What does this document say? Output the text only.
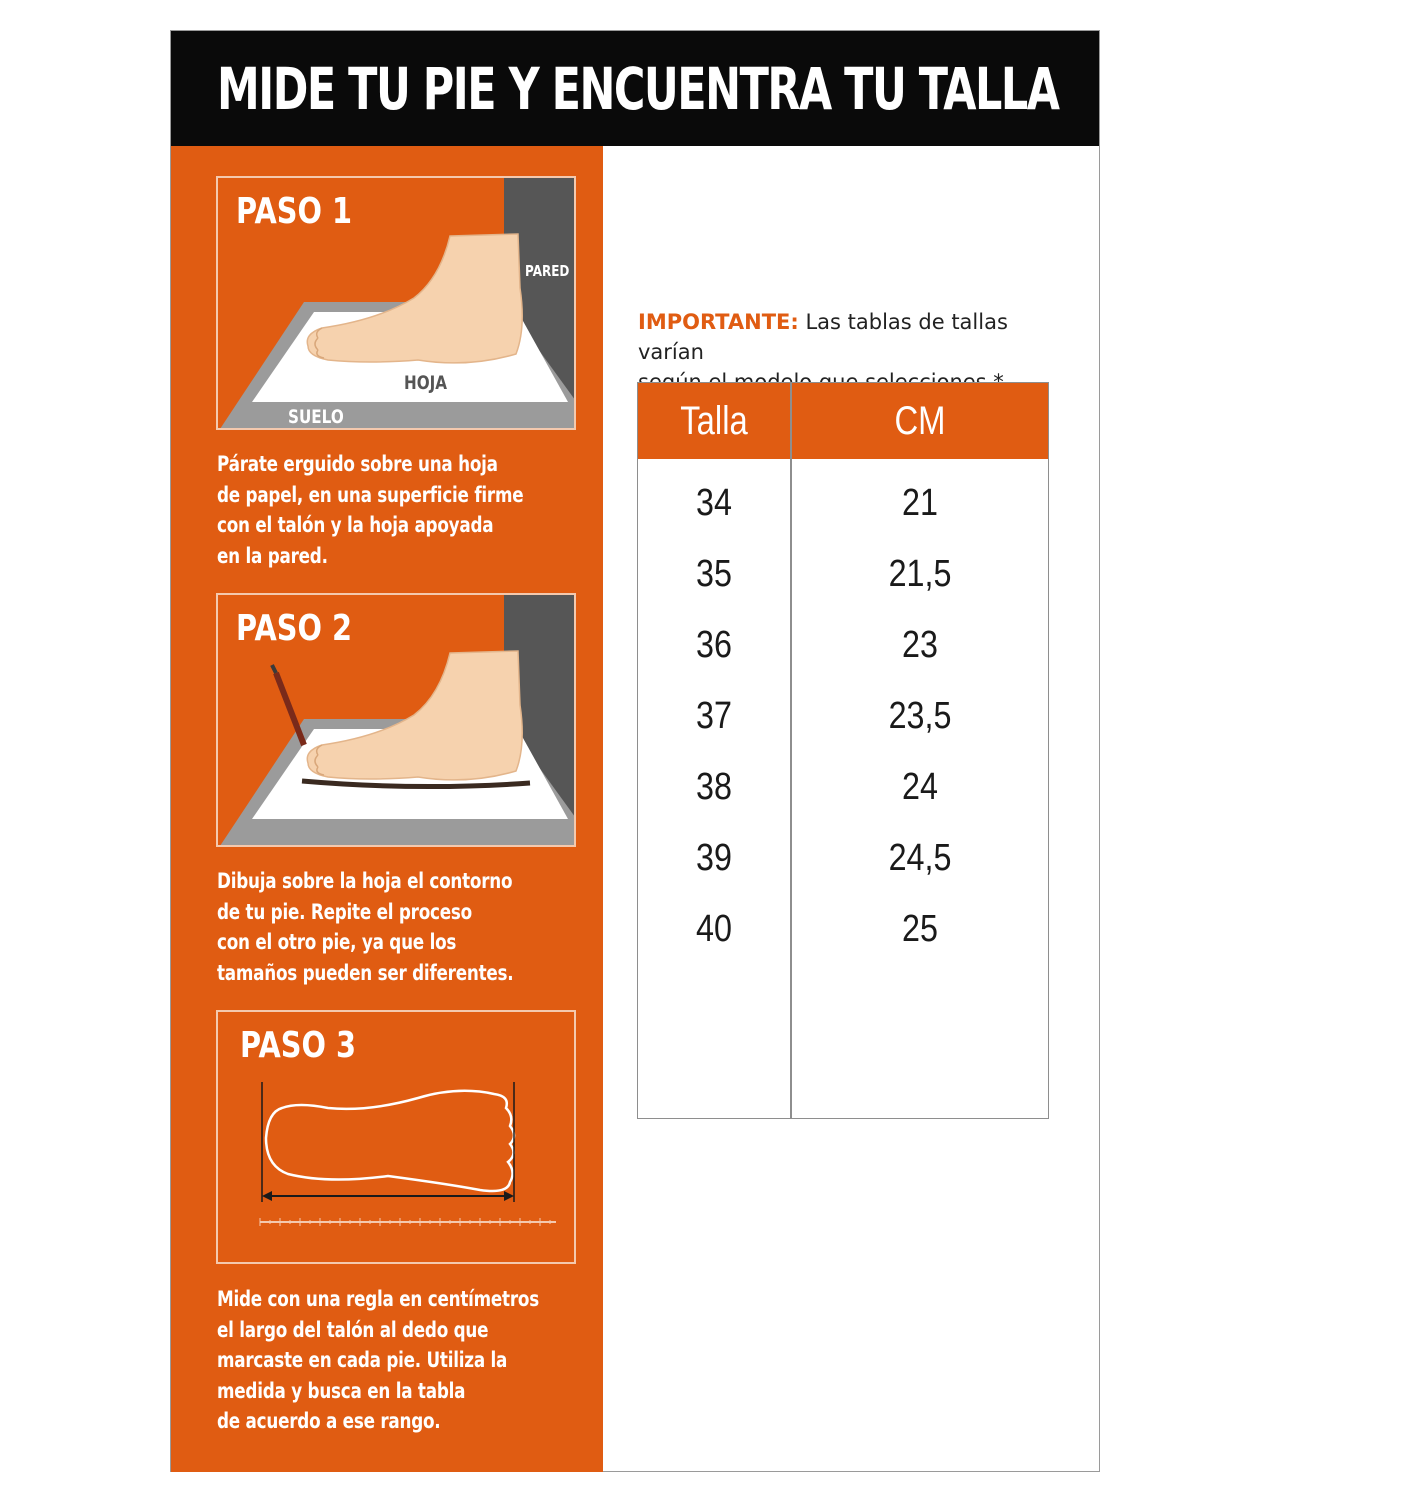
MIDE TU PIE Y ENCUENTRA TU TALLA
PASO 1
PARED
HOJA
SUELO
Párate erguido sobre una hoja
de papel, en una superficie firme
con el talón y la hoja apoyada
en la pared.
PASO 2
Dibuja sobre la hoja el contorno
de tu pie. Repite el proceso
con el otro pie, ya que los
tamaños pueden ser diferentes.
PASO 3
Mide con una regla en centímetros
el largo del talón al dedo que
marcaste en cada pie. Utiliza la
medida y busca en la tabla
de acuerdo a ese rango.
IMPORTANTE: Las tablas de tallas varían
Talla	CM
34	21
35	21,5
36	23
37	23,5
38	24
39	24,5
40	25
